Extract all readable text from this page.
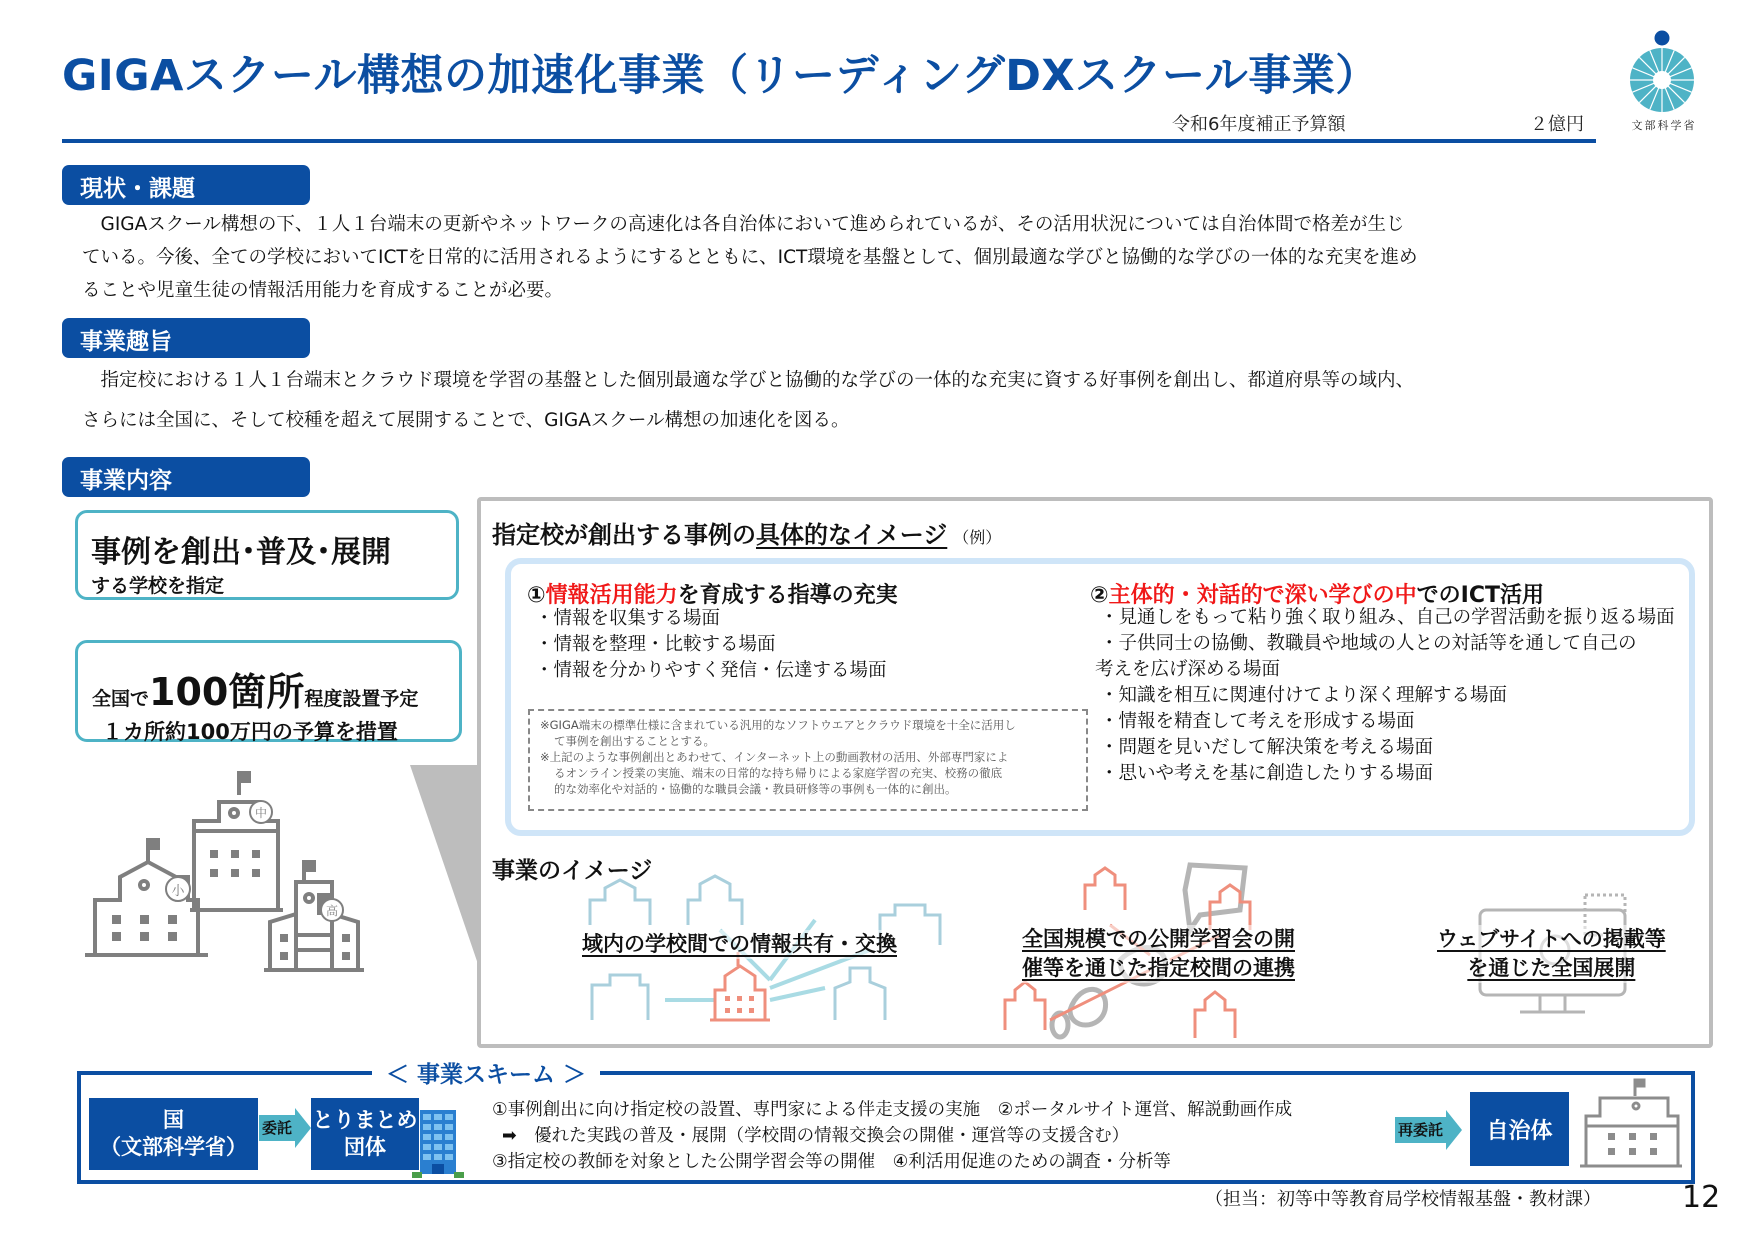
GIGAスクール構想の加速化事業（リーディングDXスクール事業）
令和6年度補正予算額	２億円	文部科学省
現状・課題
　GIGAスクール構想の下、１人１台端末の更新やネットワークの高速化は各自治体において進められているが、その活用状況については自治体間で格差が生じ
ている。今後、全ての学校においてICTを日常的に活用されるようにするとともに、ICT環境を基盤として、個別最適な学びと協働的な学びの一体的な充実を進め
ることや児童生徒の情報活用能力を育成することが必要。
事業趣旨
　指定校における１人１台端末とクラウド環境を学習の基盤とした個別最適な学びと協働的な学びの一体的な充実に資する好事例を創出し、都道府県等の域内、
さらには全国に、そして校種を超えて展開することで、GIGAスクール構想の加速化を図る。
事業内容
事例を創出･普及･展開
する学校を指定
全国で100箇所程度設置予定
１カ所約100万円の予算を措置
中
小
高
指定校が創出する事例の具体的なイメージ （例）
①情報活用能力を育成する指導の充実
・情報を収集する場面
・情報を整理・比較する場面
・情報を分かりやすく発信・伝達する場面
※GIGA端末の標準仕様に含まれている汎用的なソフトウエアとクラウド環境を十全に活用し
て事例を創出することとする。
※上記のような事例創出とあわせて、インターネット上の動画教材の活用、外部専門家によ
るオンライン授業の実施、端末の日常的な持ち帰りによる家庭学習の充実、校務の徹底
的な効率化や対話的・協働的な職員会議・教員研修等の事例も一体的に創出。
②主体的・対話的で深い学びの中でのICT活用
・見通しをもって粘り強く取り組み、自己の学習活動を振り返る場面
・子供同士の協働、教職員や地域の人との対話等を通して自己の
考えを広げ深める場面
・知識を相互に関連付けてより深く理解する場面
・情報を精査して考えを形成する場面
・問題を見いだして解決策を考える場面
・思いや考えを基に創造したりする場面
事業のイメージ
域内の学校間での情報共有・交換	全国規模での公開学習会の開
催等を通じた指定校間の連携
ウェブサイトへの掲載等
を通じた全国展開
＜ 事業スキーム ＞
国
（文部科学省）
委託 とりまとめ
団体
①事例創出に向け指定校の設置、専門家による伴走支援の実施　②ポータルサイト運営、解説動画作成
➡　優れた実践の普及・展開（学校間の情報交換会の開催・運営等の支援含む）
③指定校の教師を対象とした公開学習会等の開催　④利活用促進のための調査・分析等
再委託	自治体
（担当：初等中等教育局学校情報基盤・教材課）	12
